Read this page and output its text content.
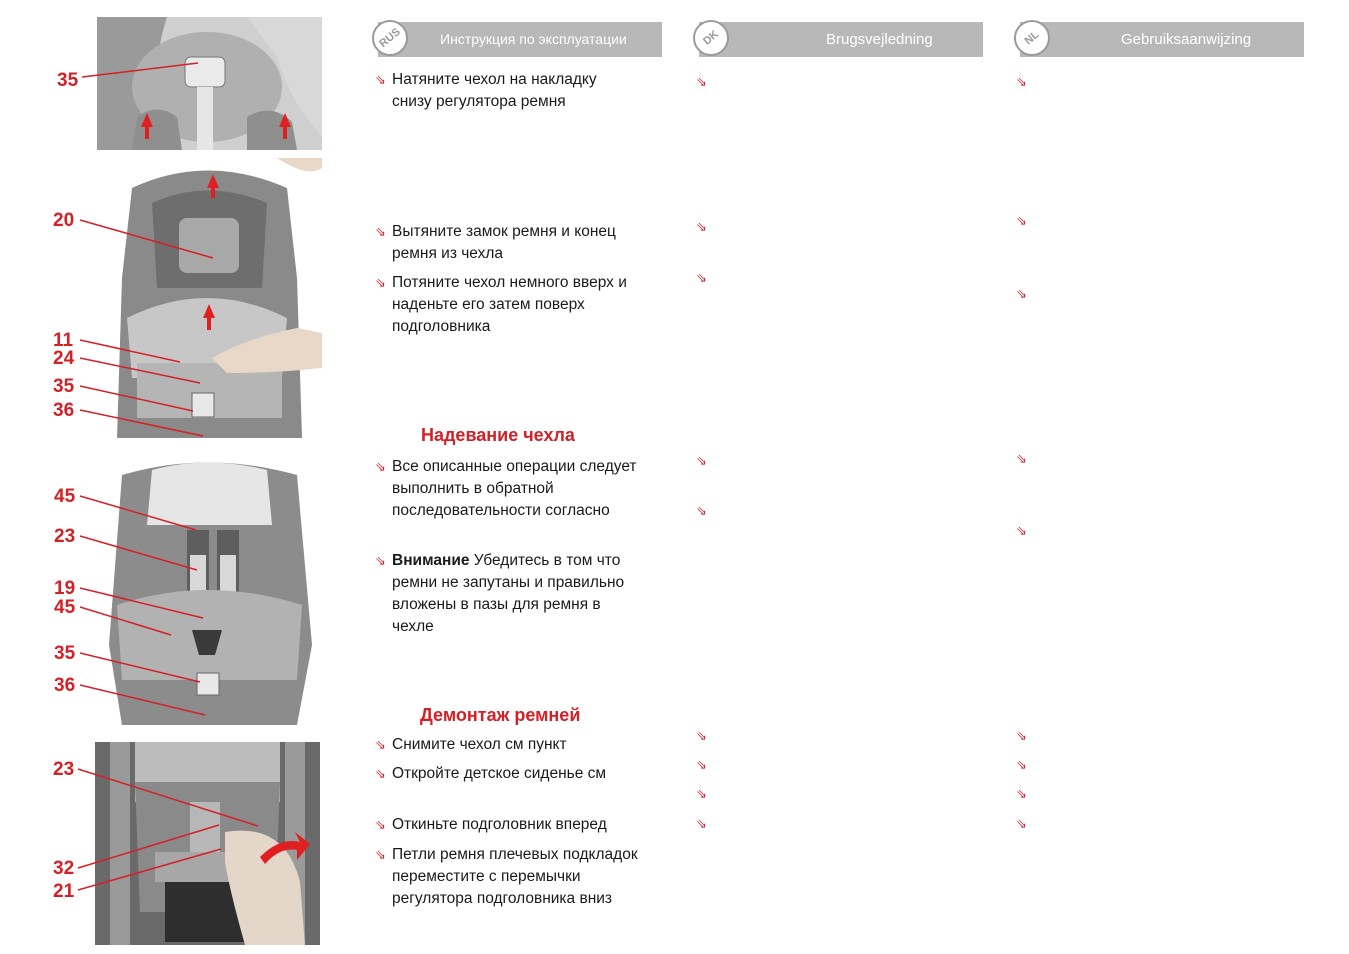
35
20
11
24
35
36
45
23
19
45
35
36
23
32
21
RUS	Инструкция по эксплуатации	DK	Brugsvejledning	NL	Gebruiksaanwijzing
⇘ Натяните чехол на накладку
снизу регулятора ремня
⇘ Вытяните замок ремня и конец
ремня из чехла
⇘ Потяните чехол немного вверх и
наденьте его затем поверх
подголовника
Надевание чехла
⇘ Все описанные операции следует
выполнить в обратной
последовательности согласно
⇘ Внимание Убедитесь в том что
ремни не запутаны и правильно
вложены в пазы для ремня в
чехле
Демонтаж ремней
⇘ Снимите чехол см пункт
⇘ Откройте детское сиденье см
⇘ Откиньте подголовник вперед
⇘ Петли ремня плечевых подкладок
переместите с перемычки
регулятора подголовника вниз
⇘
⇘
⇘
⇘
⇘
⇘
⇘
⇘
⇘
⇘
⇘
⇘
⇘
⇘
⇘
⇘
⇘
⇘
